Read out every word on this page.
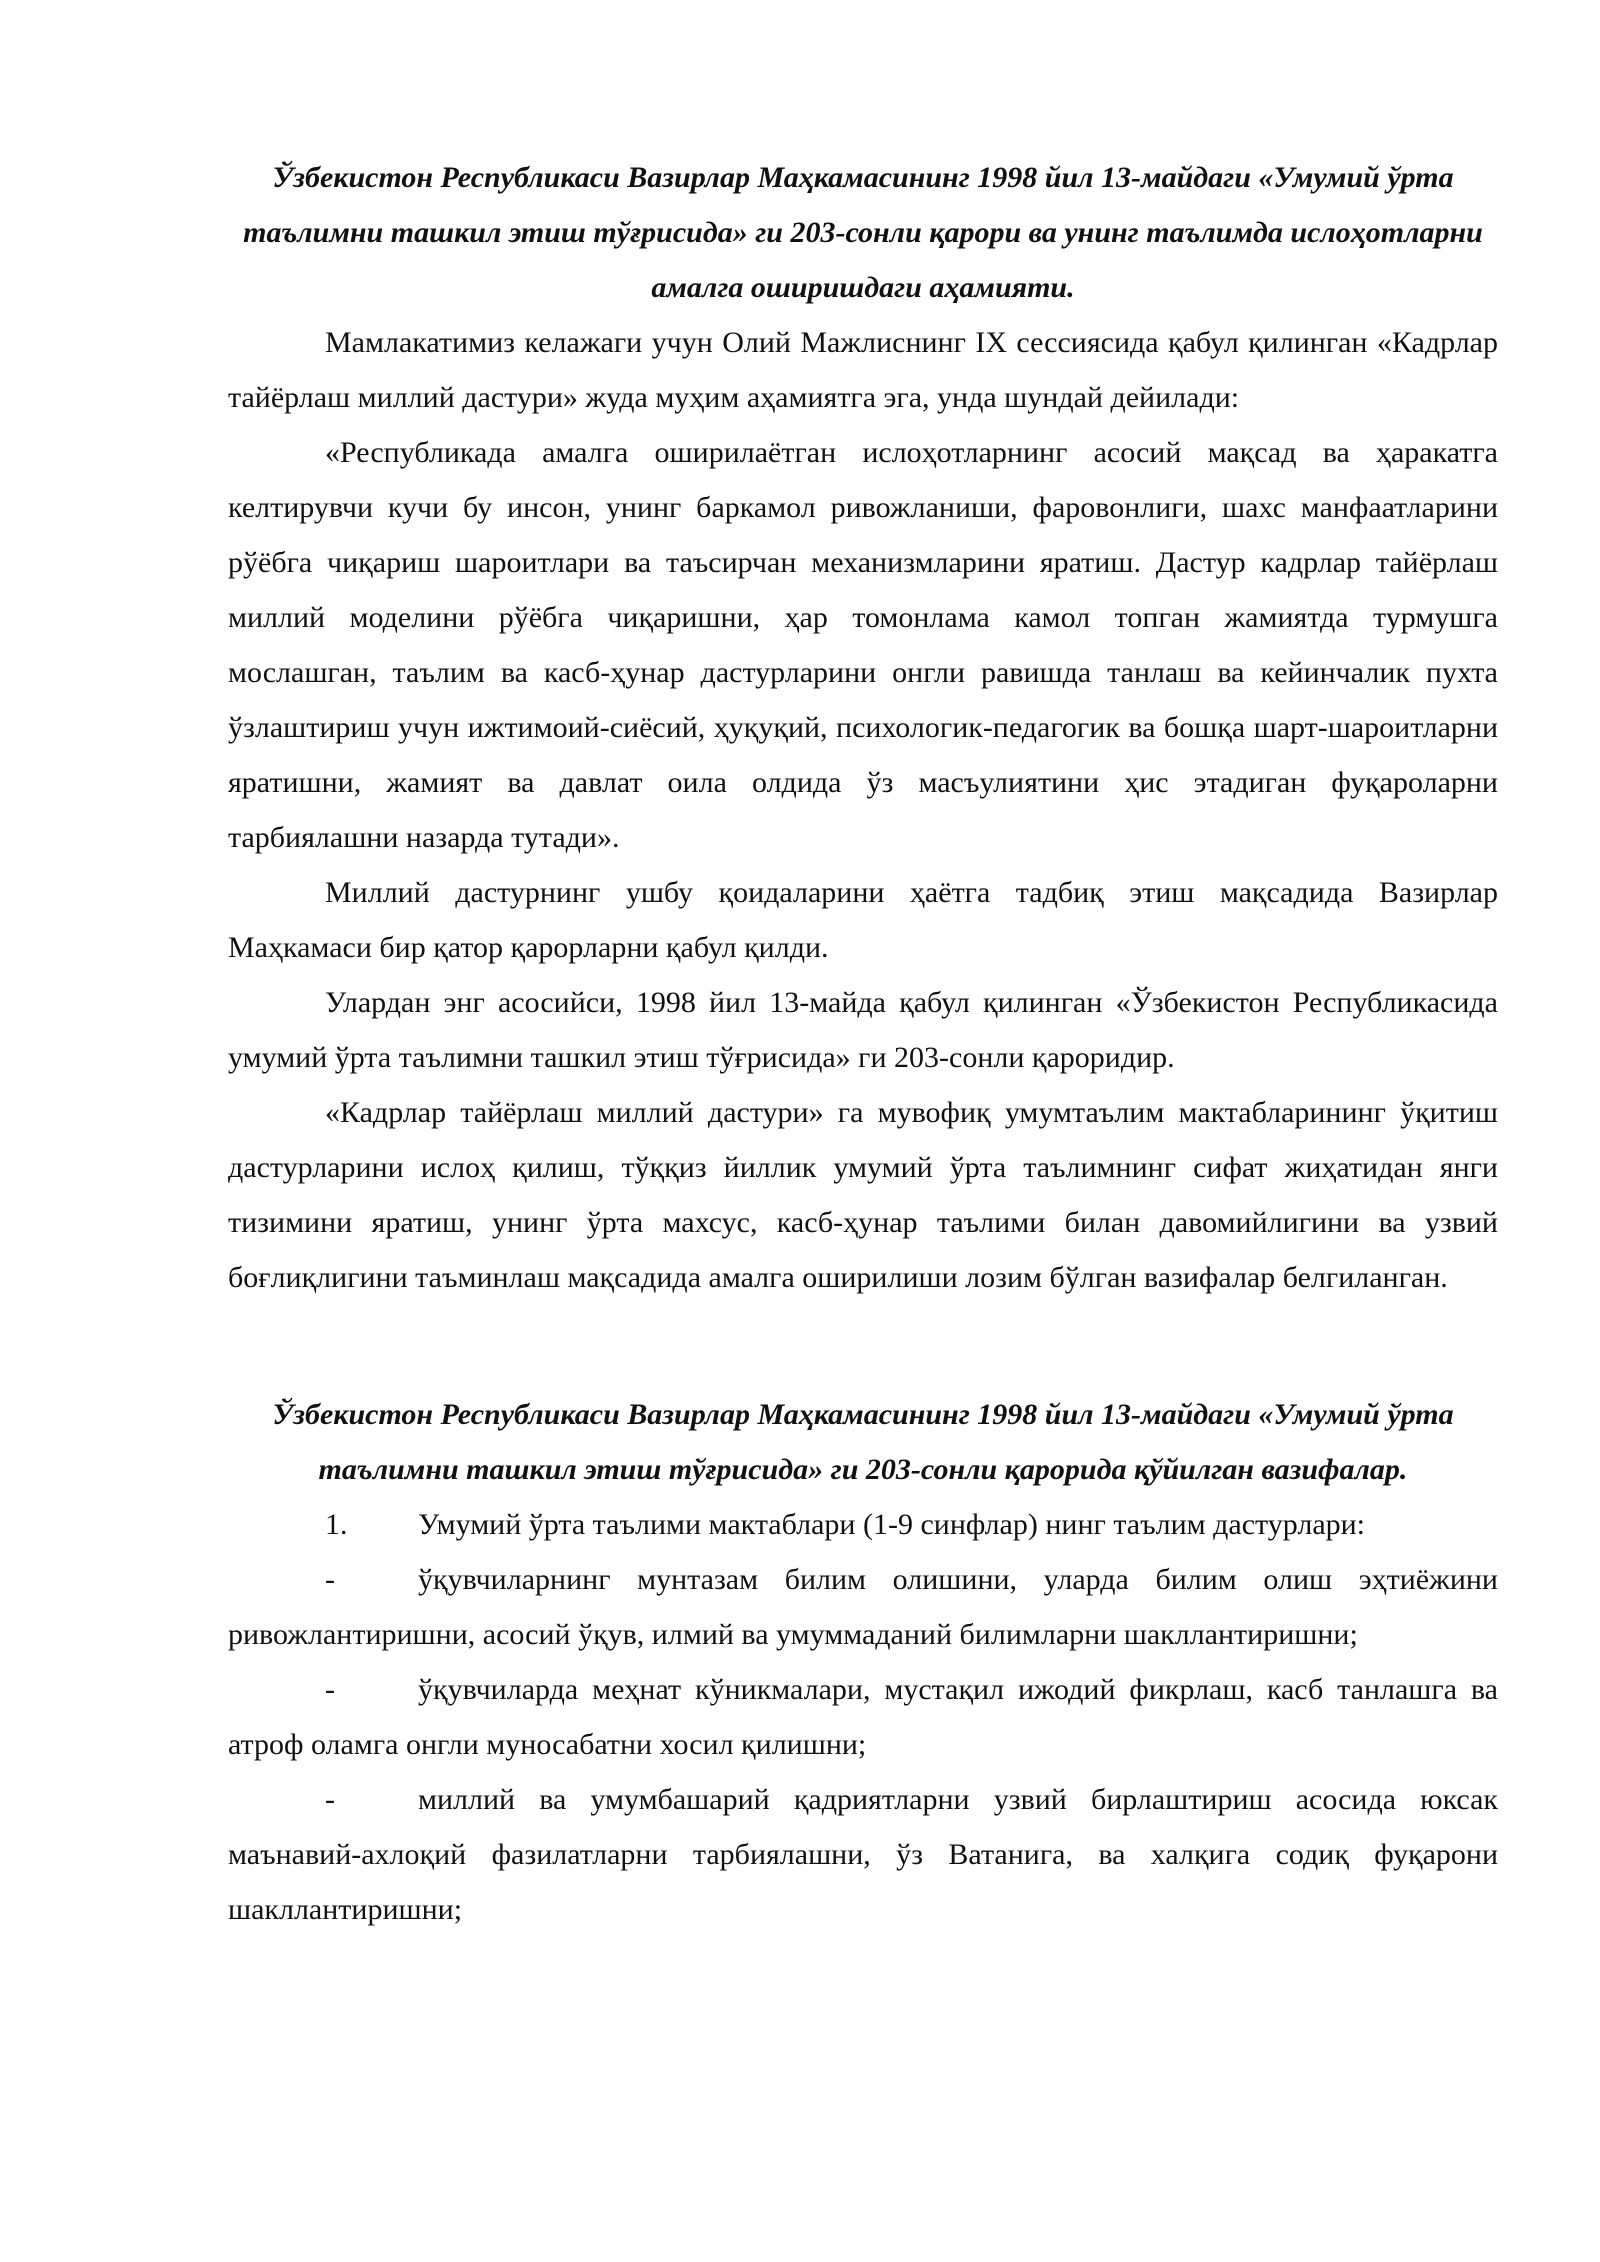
Ўзбекистон Республикаси Вазирлар Маҳкамасининг 1998 йил 13-майдаги «Умумий ўрта таълимни ташкил этиш тўғрисида» ги 203-сонли қарори ва унинг таълимда ислоҳотларни амалга оширишдаги аҳамияти.

Мамлакатимиз келажаги учун Олий Мажлиснинг IX сессиясида қабул қилинган «Кадрлар тайёрлаш миллий дастури» жуда муҳим аҳамиятга эга, унда шундай дейилади:

«Республикада амалга оширилаётган ислоҳотларнинг асосий мақсад ва ҳаракатга келтирувчи кучи бу инсон, унинг баркамол ривожланиши, фаровонлиги, шахс манфаатларини рўёбга чиқариш шароитлари ва таъсирчан механизмларини яратиш. Дастур кадрлар тайёрлаш миллий моделини рўёбга чиқаришни, ҳар томонлама камол топган жамиятда турмушга мослашган, таълим ва касб-ҳунар дастурларини онгли равишда танлаш ва кейинчалик пухта ўзлаштириш учун ижтимоий-сиёсий, ҳуқуқий, психологик-педагогик ва бошқа шарт-шароитларни яратишни, жамият ва давлат оила олдида ўз масъулиятини ҳис этадиган фуқароларни тарбиялашни назарда тутади».

Миллий дастурнинг ушбу қоидаларини ҳаётга тадбиқ этиш мақсадида Вазирлар Маҳкамаси бир қатор қарорларни қабул қилди.

Улардан энг асосийси, 1998 йил 13-майда қабул қилинган «Ўзбекистон Республикасида умумий ўрта таълимни ташкил этиш тўғрисида» ги 203-сонли қароридир.

«Кадрлар тайёрлаш миллий дастури» га мувофиқ умумтаълим мактабларининг ўқитиш дастурларини ислоҳ қилиш, тўққиз йиллик умумий ўрта таълимнинг сифат жиҳатидан янги тизимини яратиш, унинг ўрта махсус, касб-ҳунар таълими билан давомийлигини ва узвий боғлиқлигини таъминлаш мақсадида амалга оширилиши лозим бўлган вазифалар белгиланган.

Ўзбекистон Республикаси Вазирлар Маҳкамасининг 1998 йил 13-майдаги «Умумий ўрта таълимни ташкил этиш тўғрисида» ги 203-сонли қарорида қўйилган вазифалар.

1. Умумий ўрта таълими мактаблари (1-9 синфлар) нинг таълим дастурлари:

-	ўқувчиларнинг мунтазам билим олишини, уларда билим олиш эҳтиёжини ривожлантиришни, асосий ўқув, илмий ва умуммаданий билимларни шакллантиришни;

-	ўқувчиларда меҳнат кўникмалари, мустақил ижодий фикрлаш, касб танлашга ва атроф оламга онгли муносабатни хосил қилишни;

-	миллий ва умумбашарий қадриятларни узвий бирлаштириш асосида юксак маънавий-ахлоқий фазилатларни тарбиялашни, ўз Ватанига, ва халқига содиқ фуқарони шакллантиришни;
